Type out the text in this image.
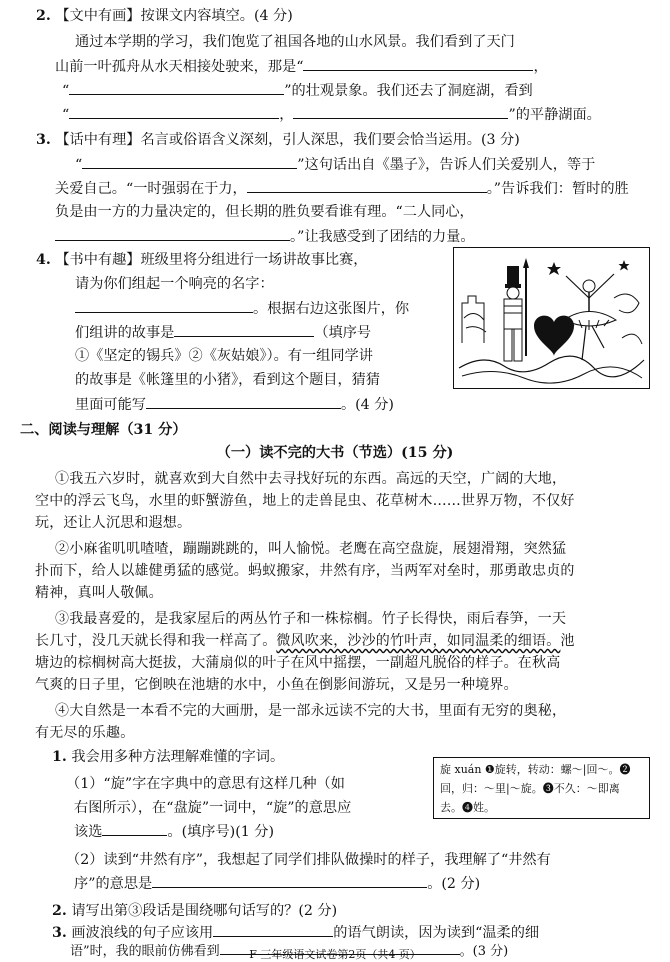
2. 【文中有画】按课文内容填空。(4 分)
通过本学期的学习，我们饱览了祖国各地的山水风景。我们看到了天门
山前一叶孤舟从水天相接处驶来，那是“	，
“	”的壮观景象。我们还去了洞庭湖，看到
“	，	”的平静湖面。
3. 【话中有理】名言或俗语含义深刻，引人深思，我们要会恰当运用。(3 分)
“	”这句话出自《墨子》，告诉人们关爱别人，等于
关爱自己。“一时强弱在于力，	。”告诉我们：暂时的胜
负是由一方的力量决定的，但长期的胜负要看谁有理。“二人同心，
。”让我感受到了团结的力量。
4. 【书中有趣】班级里将分组进行一场讲故事比赛，
请为你们组起一个响亮的名字：
。根据右边这张图片，你
们组讲的故事是	（填序号
①《坚定的锡兵》②《灰姑娘》）。有一组同学讲
的故事是《帐篷里的小猪》，看到这个题目，猜猜
里面可能写	。(4 分)
二、阅读与理解（31 分）
（一）读不完的大书（节选）(15 分)
①我五六岁时，就喜欢到大自然中去寻找好玩的东西。高远的天空，广阔的大地，
空中的浮云飞鸟，水里的虾蟹游鱼，地上的走兽昆虫、花草树木……世界万物，不仅好
玩，还让人沉思和遐想。
②小麻雀叽叽喳喳，蹦蹦跳跳的，叫人愉悦。老鹰在高空盘旋，展翅滑翔，突然猛
扑而下，给人以雄健勇猛的感觉。蚂蚁搬家，井然有序，当两军对垒时，那勇敢忠贞的
精神，真叫人敬佩。
③我最喜爱的，是我家屋后的两丛竹子和一株棕榈。竹子长得快，雨后春笋，一天
长几寸，没几天就长得和我一样高了。微风吹来，沙沙的竹叶声，如同温柔的细语。池
塘边的棕榈树高大挺拔，大蒲扇似的叶子在风中摇摆，一副超凡脱俗的样子。在秋高
气爽的日子里，它倒映在池塘的水中，小鱼在倒影间游玩，又是另一种境界。
④大自然是一本看不完的大画册，是一部永远读不完的大书，里面有无穷的奥秘，
有无尽的乐趣。
1. 我会用多种方法理解难懂的字词。
（1）“旋”字在字典中的意思有这样几种（如
右图所示），在“盘旋”一词中，“旋”的意思应
该选	。(填序号)(1 分)
旋 xuán ❶旋转，转动：螺～|回～。❷
回，归：～里|～旋。❸不久：～即离
去。❹姓。
（2）读到“井然有序”，我想起了同学们排队做操时的样子，我理解了“井然有
序”的意思是	。(2 分)
2. 请写出第③段话是围绕哪句话写的？(2 分)
3. 画波浪线的句子应该用	的语气朗读，因为读到“温柔的细
语”时，我的眼前仿佛看到	。(3 分)
F 三年级语文试卷第2页（共4 页）
